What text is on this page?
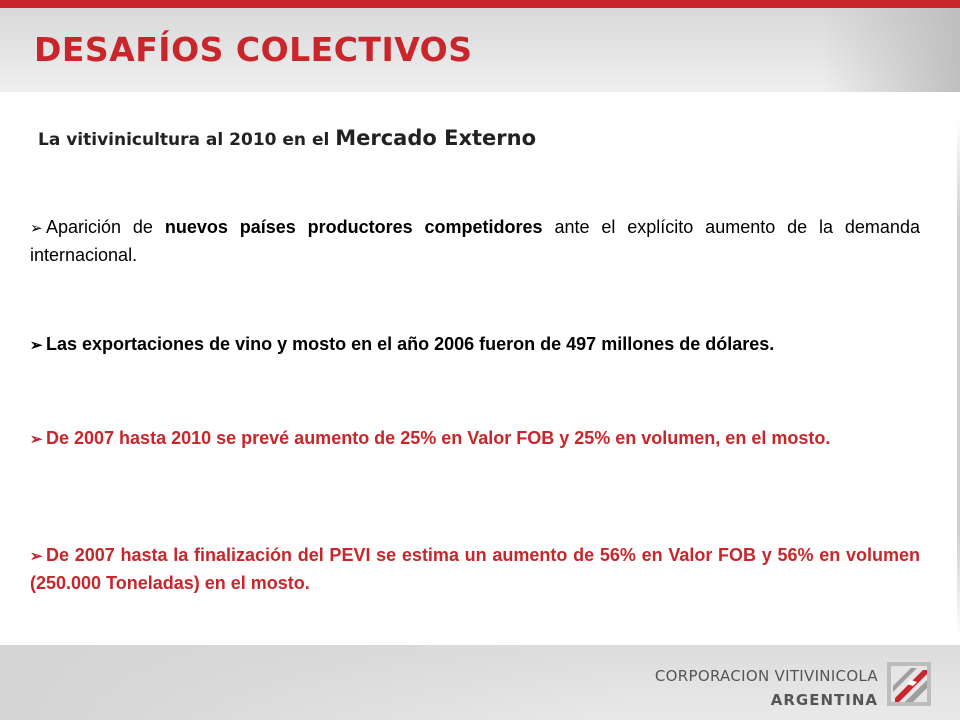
DESAFÍOS COLECTIVOS

La vitivinicultura al 2010 en el Mercado Externo

➢ Aparición de nuevos países productores competidores ante el explícito aumento de la demanda internacional.

➢ Las exportaciones de vino y mosto en el año 2006 fueron de 497 millones de dólares.

➢ De 2007 hasta 2010 se prevé aumento de 25% en Valor FOB y 25% en volumen, en el mosto.

➢ De 2007 hasta la finalización del PEVI se estima un aumento de 56% en Valor FOB y 56% en volumen (250.000 Toneladas) en el mosto.

CORPORACION VITIVINICOLA
ARGENTINA
